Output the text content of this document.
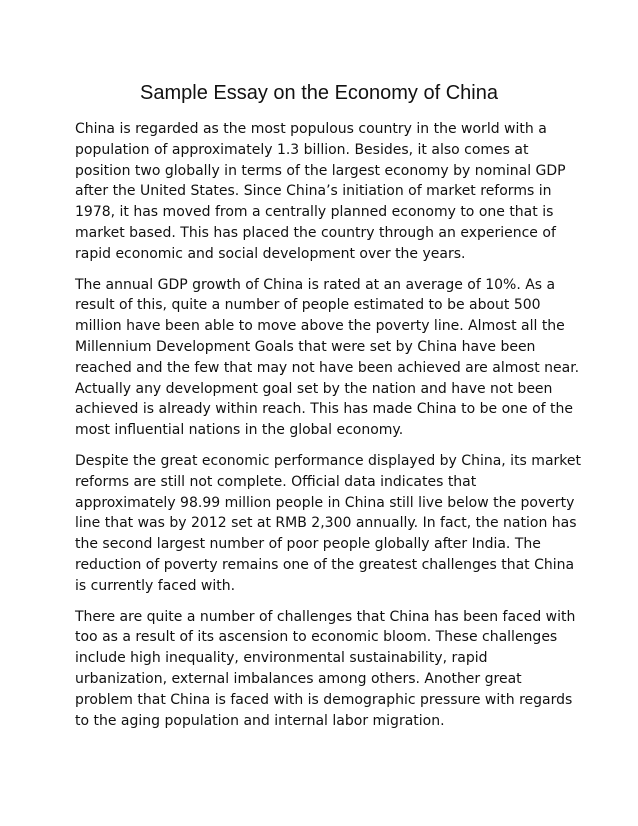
Sample Essay on the Economy of China

China is regarded as the most populous country in the world with a
population of approximately 1.3 billion. Besides, it also comes at
position two globally in terms of the largest economy by nominal GDP
after the United States. Since China’s initiation of market reforms in
1978, it has moved from a centrally planned economy to one that is
market based. This has placed the country through an experience of
rapid economic and social development over the years.

The annual GDP growth of China is rated at an average of 10%. As a
result of this, quite a number of people estimated to be about 500
million have been able to move above the poverty line. Almost all the
Millennium Development Goals that were set by China have been
reached and the few that may not have been achieved are almost near.
Actually any development goal set by the nation and have not been
achieved is already within reach. This has made China to be one of the
most influential nations in the global economy.

Despite the great economic performance displayed by China, its market
reforms are still not complete. Official data indicates that
approximately 98.99 million people in China still live below the poverty
line that was by 2012 set at RMB 2,300 annually. In fact, the nation has
the second largest number of poor people globally after India. The
reduction of poverty remains one of the greatest challenges that China
is currently faced with.

There are quite a number of challenges that China has been faced with
too as a result of its ascension to economic bloom. These challenges
include high inequality, environmental sustainability, rapid
urbanization, external imbalances among others. Another great
problem that China is faced with is demographic pressure with regards
to the aging population and internal labor migration.
